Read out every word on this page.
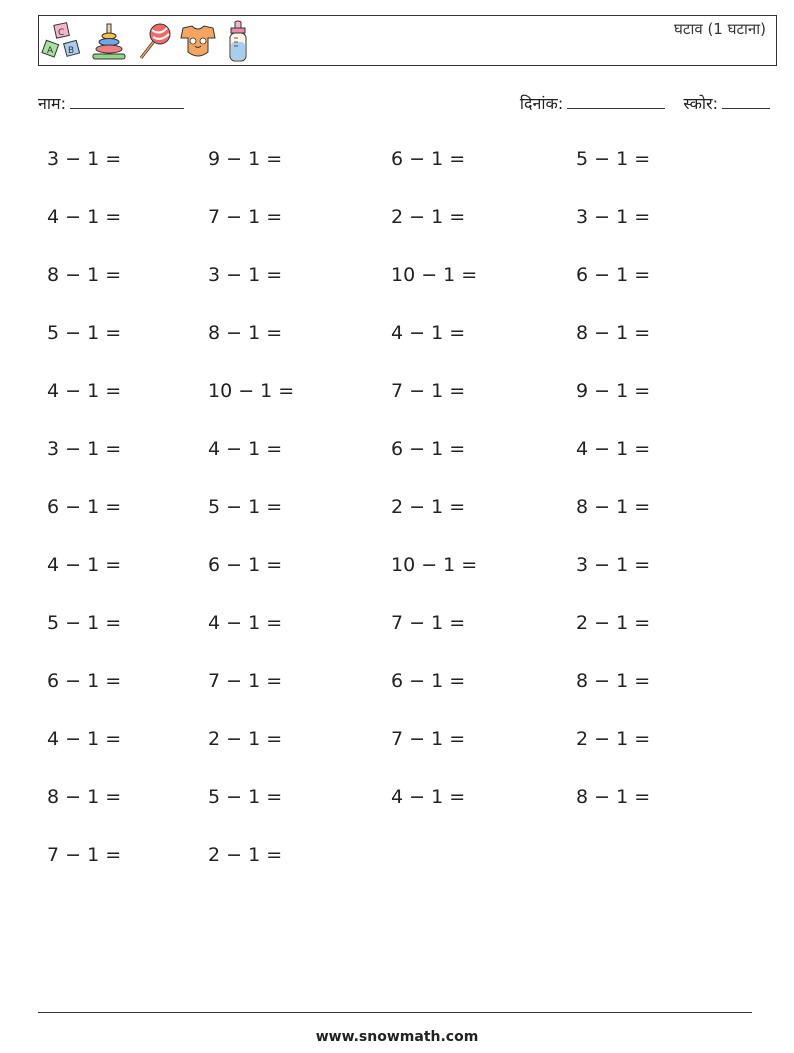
C
A B
घटाव (1 घटाना)
नाम:	दिनांक:	स्कोर:
3 − 1 =	9 − 1 =	6 − 1 =	5 − 1 =
4 − 1 =	7 − 1 =	2 − 1 =	3 − 1 =
8 − 1 =	3 − 1 =	10 − 1 =	6 − 1 =
5 − 1 =	8 − 1 =	4 − 1 =	8 − 1 =
4 − 1 =	10 − 1 =	7 − 1 =	9 − 1 =
3 − 1 =	4 − 1 =	6 − 1 =	4 − 1 =
6 − 1 =	5 − 1 =	2 − 1 =	8 − 1 =
4 − 1 =	6 − 1 =	10 − 1 =	3 − 1 =
5 − 1 =	4 − 1 =	7 − 1 =	2 − 1 =
6 − 1 =	7 − 1 =	6 − 1 =	8 − 1 =
4 − 1 =	2 − 1 =	7 − 1 =	2 − 1 =
8 − 1 =	5 − 1 =	4 − 1 =	8 − 1 =
7 − 1 =	2 − 1 =
www.snowmath.com
